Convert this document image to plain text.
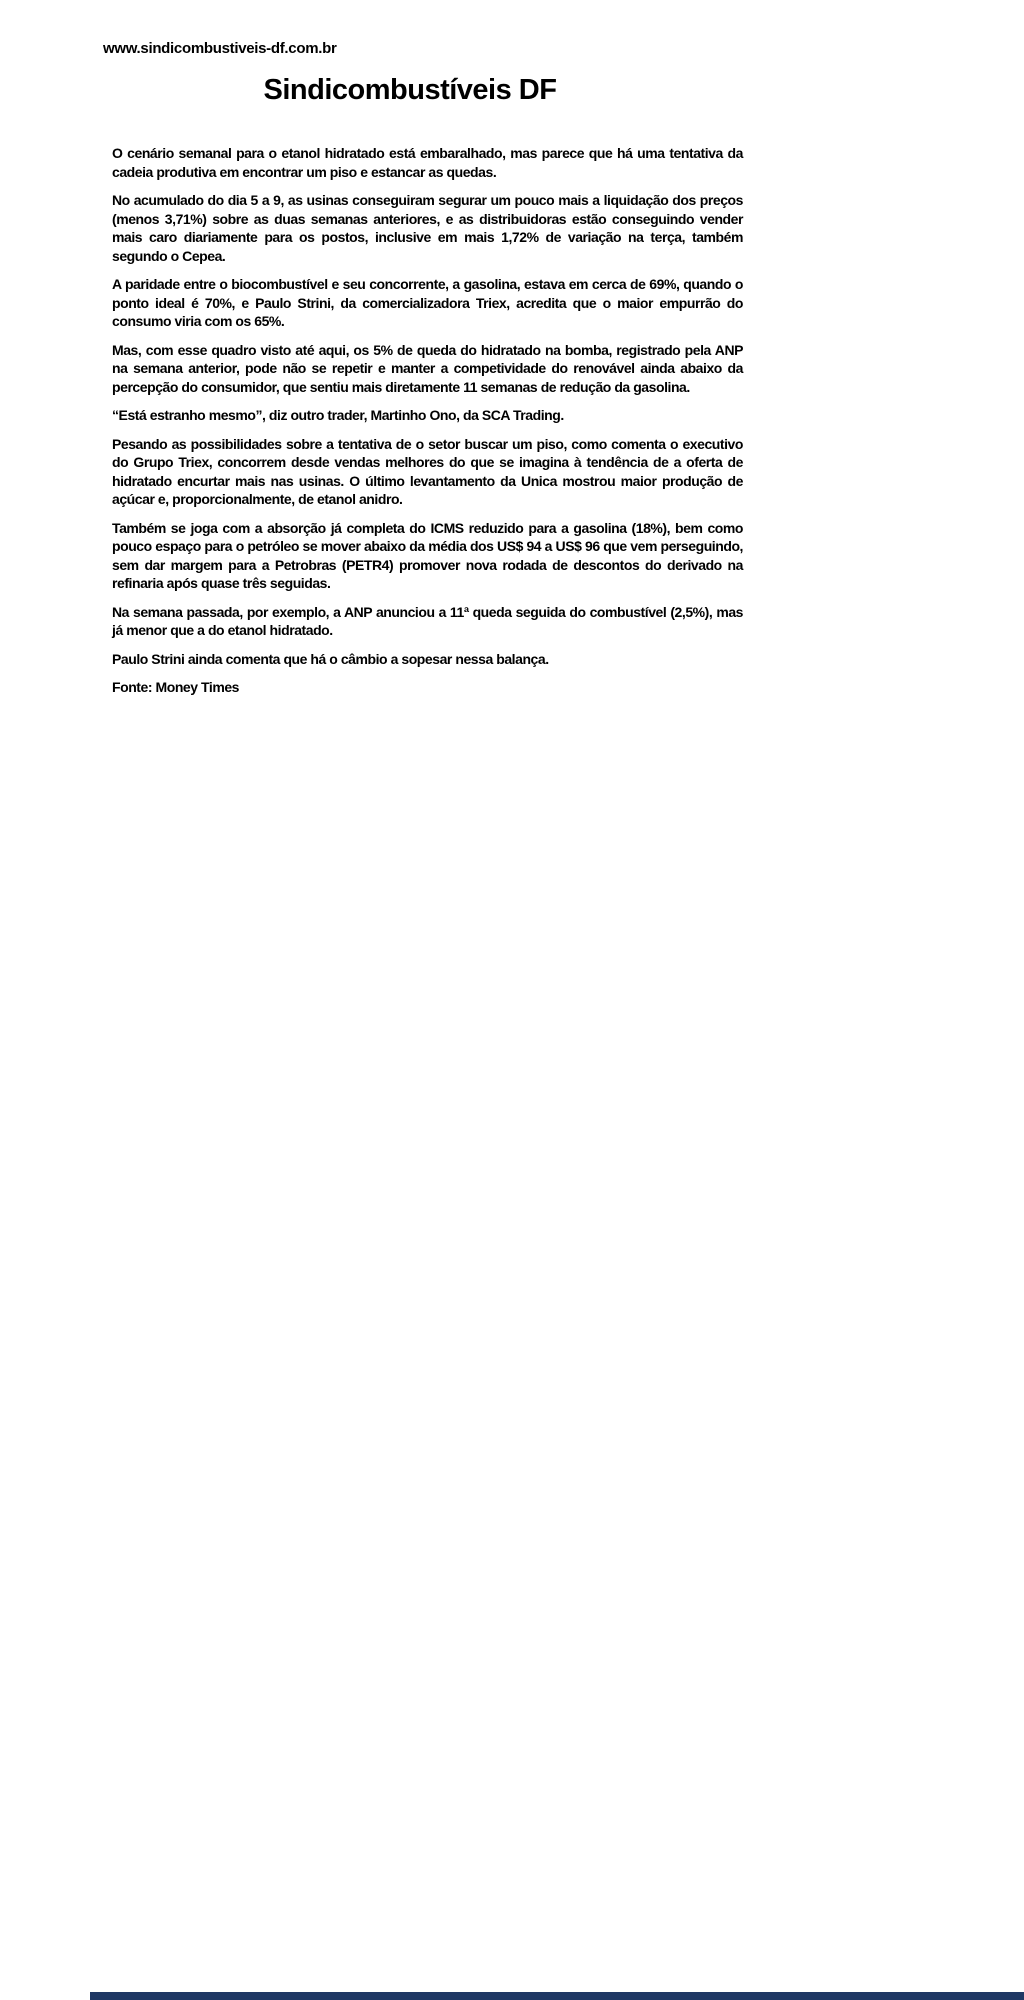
www.sindicombustiveis-df.com.br
Sindicombustíveis DF

O cenário semanal para o etanol hidratado está embaralhado, mas parece que há uma tentativa da cadeia produtiva em encontrar um piso e estancar as quedas.

No acumulado do dia 5 a 9, as usinas conseguiram segurar um pouco mais a liquidação dos preços (menos 3,71%) sobre as duas semanas anteriores, e as distribuidoras estão conseguindo vender mais caro diariamente para os postos, inclusive em mais 1,72% de variação na terça, também segundo o Cepea.

A paridade entre o biocombustível e seu concorrente, a gasolina, estava em cerca de 69%, quando o ponto ideal é 70%, e Paulo Strini, da comercializadora Triex, acredita que o maior empurrão do consumo viria com os 65%.

Mas, com esse quadro visto até aqui, os 5% de queda do hidratado na bomba, registrado pela ANP na semana anterior, pode não se repetir e manter a competividade do renovável ainda abaixo da percepção do consumidor, que sentiu mais diretamente 11 semanas de redução da gasolina.

“Está estranho mesmo”, diz outro trader, Martinho Ono, da SCA Trading.

Pesando as possibilidades sobre a tentativa de o setor buscar um piso, como comenta o executivo do Grupo Triex, concorrem desde vendas melhores do que se imagina à tendência de a oferta de hidratado encurtar mais nas usinas. O último levantamento da Unica mostrou maior produção de açúcar e, proporcionalmente, de etanol anidro.

Também se joga com a absorção já completa do ICMS reduzido para a gasolina (18%), bem como pouco espaço para o petróleo se mover abaixo da média dos US$ 94 a US$ 96 que vem perseguindo, sem dar margem para a Petrobras (PETR4) promover nova rodada de descontos do derivado na refinaria após quase três seguidas.

Na semana passada, por exemplo, a ANP anunciou a 11ª queda seguida do combustível (2,5%), mas já menor que a do etanol hidratado.

Paulo Strini ainda comenta que há o câmbio a sopesar nessa balança.

Fonte: Money Times
